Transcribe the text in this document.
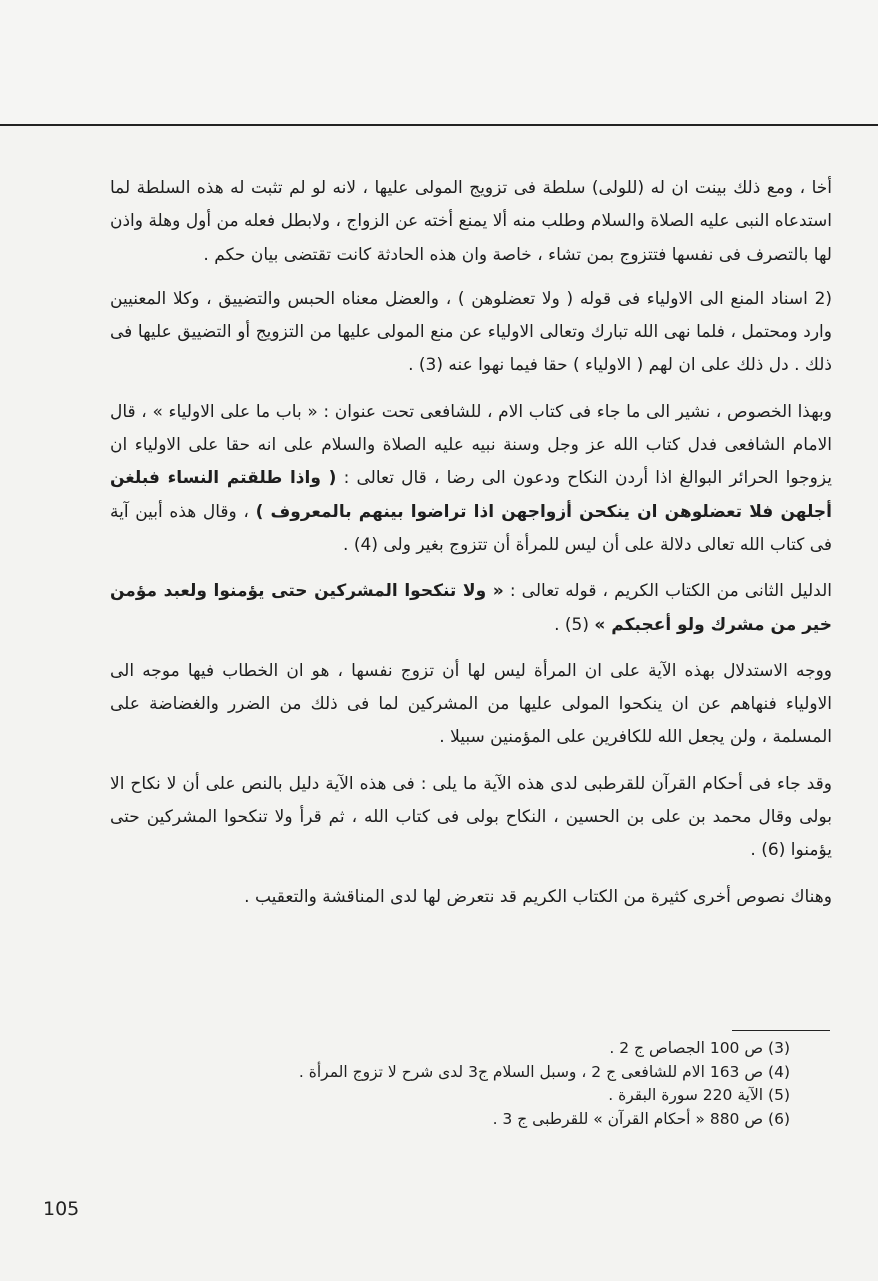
أخا ، ومع ذلك بينت ان له (للولى) سلطة فى تزويج المولى عليها ، لانه لو لم تثبت له هذه السلطة لما استدعاه النبى عليه الصلاة والسلام وطلب منه ألا يمنع أخته عن الزواج ، ولابطل فعله من أول وهلة واذن لها بالتصرف فى نفسها فتتزوج بمن تشاء ، خاصة وان هذه الحادثة كانت تقتضى بيان حكم .

2) اسناد المنع الى الاولياء فى قوله ( ولا تعضلوهن ) ، والعضل معناه الحبس والتضييق ، وكلا المعنيين وارد ومحتمل ، فلما نهى الله تبارك وتعالى الاولياء عن منع المولى عليها من التزويج أو التضييق عليها فى ذلك . دل ذلك على ان لهم ( الاولياء ) حقا فيما نهوا عنه (3) .

وبهذا الخصوص ، نشير الى ما جاء فى كتاب الام ، للشافعى تحت عنوان : « باب ما على الاولياء » ، قال الامام الشافعى فدل كتاب الله عز وجل وسنة نبيه عليه الصلاة والسلام على انه حقا على الاولياء ان يزوجوا الحرائر البوالغ اذا أردن النكاح ودعون الى رضا ، قال تعالى : ( واذا طلقتم النساء فبلغن أجلهن فلا تعضلوهن ان ينكحن أزواجهن اذا تراضوا بينهم بالمعروف ) ، وقال هذه أبين آية فى كتاب الله تعالى دلالة على أن ليس للمرأة أن تتزوج بغير ولى (4) .

الدليل الثانى من الكتاب الكريم ، قوله تعالى : « ولا تنكحوا المشركين حتى يؤمنوا ولعبد مؤمن خير من مشرك ولو أعجبكم » (5) .

ووجه الاستدلال بهذه الآية على ان المرأة ليس لها أن تزوج نفسها ، هو ان الخطاب فيها موجه الى الاولياء فنهاهم عن ان ينكحوا المولى عليها من المشركين لما فى ذلك من الضرر والغضاضة على المسلمة ، ولن يجعل الله للكافرين على المؤمنين سبيلا .

وقد جاء فى أحكام القرآن للقرطبى لدى هذه الآية ما يلى : فى هذه الآية دليل بالنص على أن لا نكاح الا بولى وقال محمد بن على بن الحسين ، النكاح بولى فى كتاب الله ، ثم قرأ ولا تنكحوا المشركين حتى يؤمنوا (6) .

وهناك نصوص أخرى كثيرة من الكتاب الكريم قد نتعرض لها لدى المناقشة والتعقيب .

(3) ص 100 الجصاص ج 2 .
(4) ص 163 الام للشافعى ج 2 ، وسبل السلام ج3 لدى شرح لا تزوج المرأة .
(5) الآية 220 سورة البقرة .
(6) ص 880 « أحكام القرآن » للقرطبى ج 3 .
105
